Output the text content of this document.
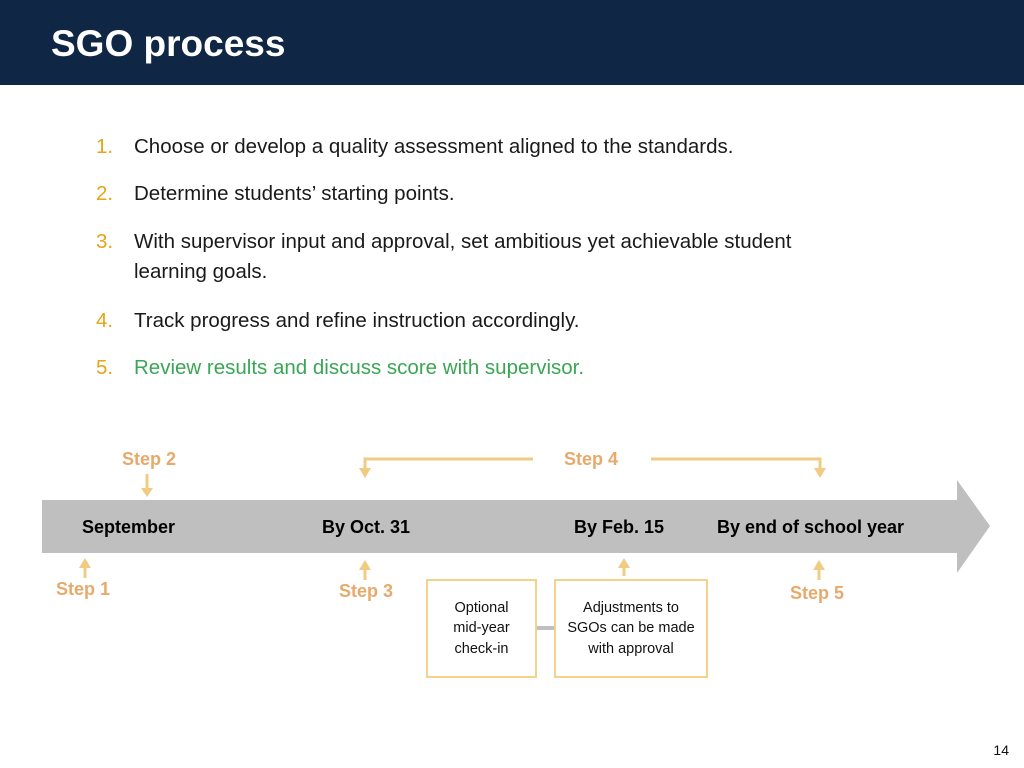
SGO process
1. Choose or develop a quality assessment aligned to the standards.
2. Determine students’ starting points.
3. With supervisor input and approval, set ambitious yet achievable student
learning goals.
4. Track progress and refine instruction accordingly.
5. Review results and discuss score with supervisor.
September	By Oct. 31	By Feb. 15	By end of school year
Step 2	Step 4
Step 1	Step 3	Step 5
Optional
mid-year
check-in
Adjustments to
SGOs can be made
with approval
14
